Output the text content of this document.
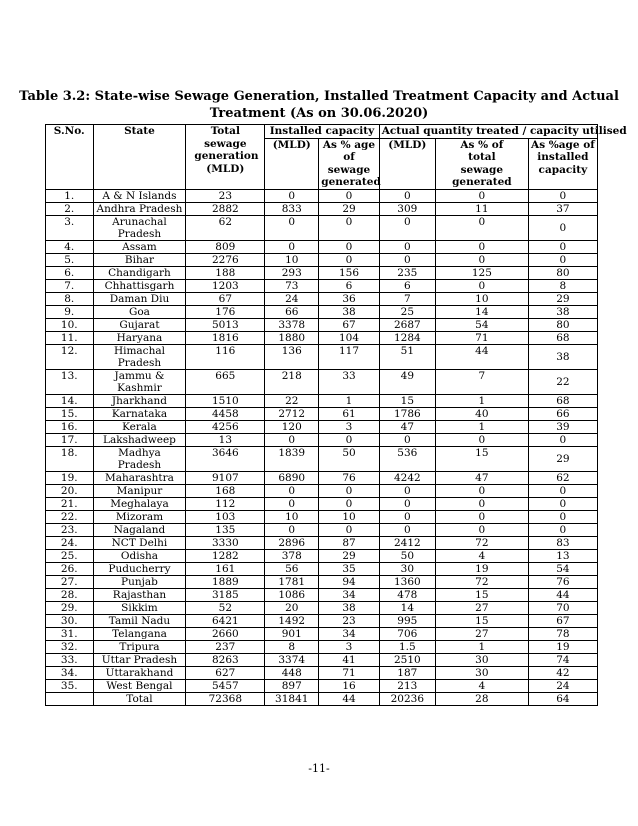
Table 3.2: State-wise Sewage Generation, Installed Treatment Capacity and Actual
Treatment (As on 30.06.2020)
S.No.	State	Total sewage generation (MLD)	Installed capacity		Actual quantity treated / capacity utilised		
			(MLD)	As % age of sewage generated	(MLD)	As % of total sewage generated	As %age of installed capacity
1.	A & N Islands	23	0	0	0	0	0
2.	Andhra Pradesh	2882	833	29	309	11	37
3.	Arunachal Pradesh	62	0	0	0	0	0
4.	Assam	809	0	0	0	0	0
5.	Bihar	2276	10	0	0	0	0
6.	Chandigarh	188	293	156	235	125	80
7.	Chhattisgarh	1203	73	6	6	0	8
8.	Daman Diu	67	24	36	7	10	29
9.	Goa	176	66	38	25	14	38
10.	Gujarat	5013	3378	67	2687	54	80
11.	Haryana	1816	1880	104	1284	71	68
12.	Himachal Pradesh	116	136	117	51	44	38
13.	Jammu & Kashmir	665	218	33	49	7	22
14.	Jharkhand	1510	22	1	15	1	68
15.	Karnataka	4458	2712	61	1786	40	66
16.	Kerala	4256	120	3	47	1	39
17.	Lakshadweep	13	0	0	0	0	0
18.	Madhya Pradesh	3646	1839	50	536	15	29
19.	Maharashtra	9107	6890	76	4242	47	62
20.	Manipur	168	0	0	0	0	0
21.	Meghalaya	112	0	0	0	0	0
22.	Mizoram	103	10	10	0	0	0
23.	Nagaland	135	0	0	0	0	0
24.	NCT Delhi	3330	2896	87	2412	72	83
25.	Odisha	1282	378	29	50	4	13
26.	Puducherry	161	56	35	30	19	54
27.	Punjab	1889	1781	94	1360	72	76
28.	Rajasthan	3185	1086	34	478	15	44
29.	Sikkim	52	20	38	14	27	70
30.	Tamil Nadu	6421	1492	23	995	15	67
31.	Telangana	2660	901	34	706	27	78
32.	Tripura	237	8	3	1.5	1	19
33.	Uttar Pradesh	8263	3374	41	2510	30	74
34.	Uttarakhand	627	448	71	187	30	42
35.	West Bengal	5457	897	16	213	4	24
	Total	72368	31841	44	20236	28	64
-11-
